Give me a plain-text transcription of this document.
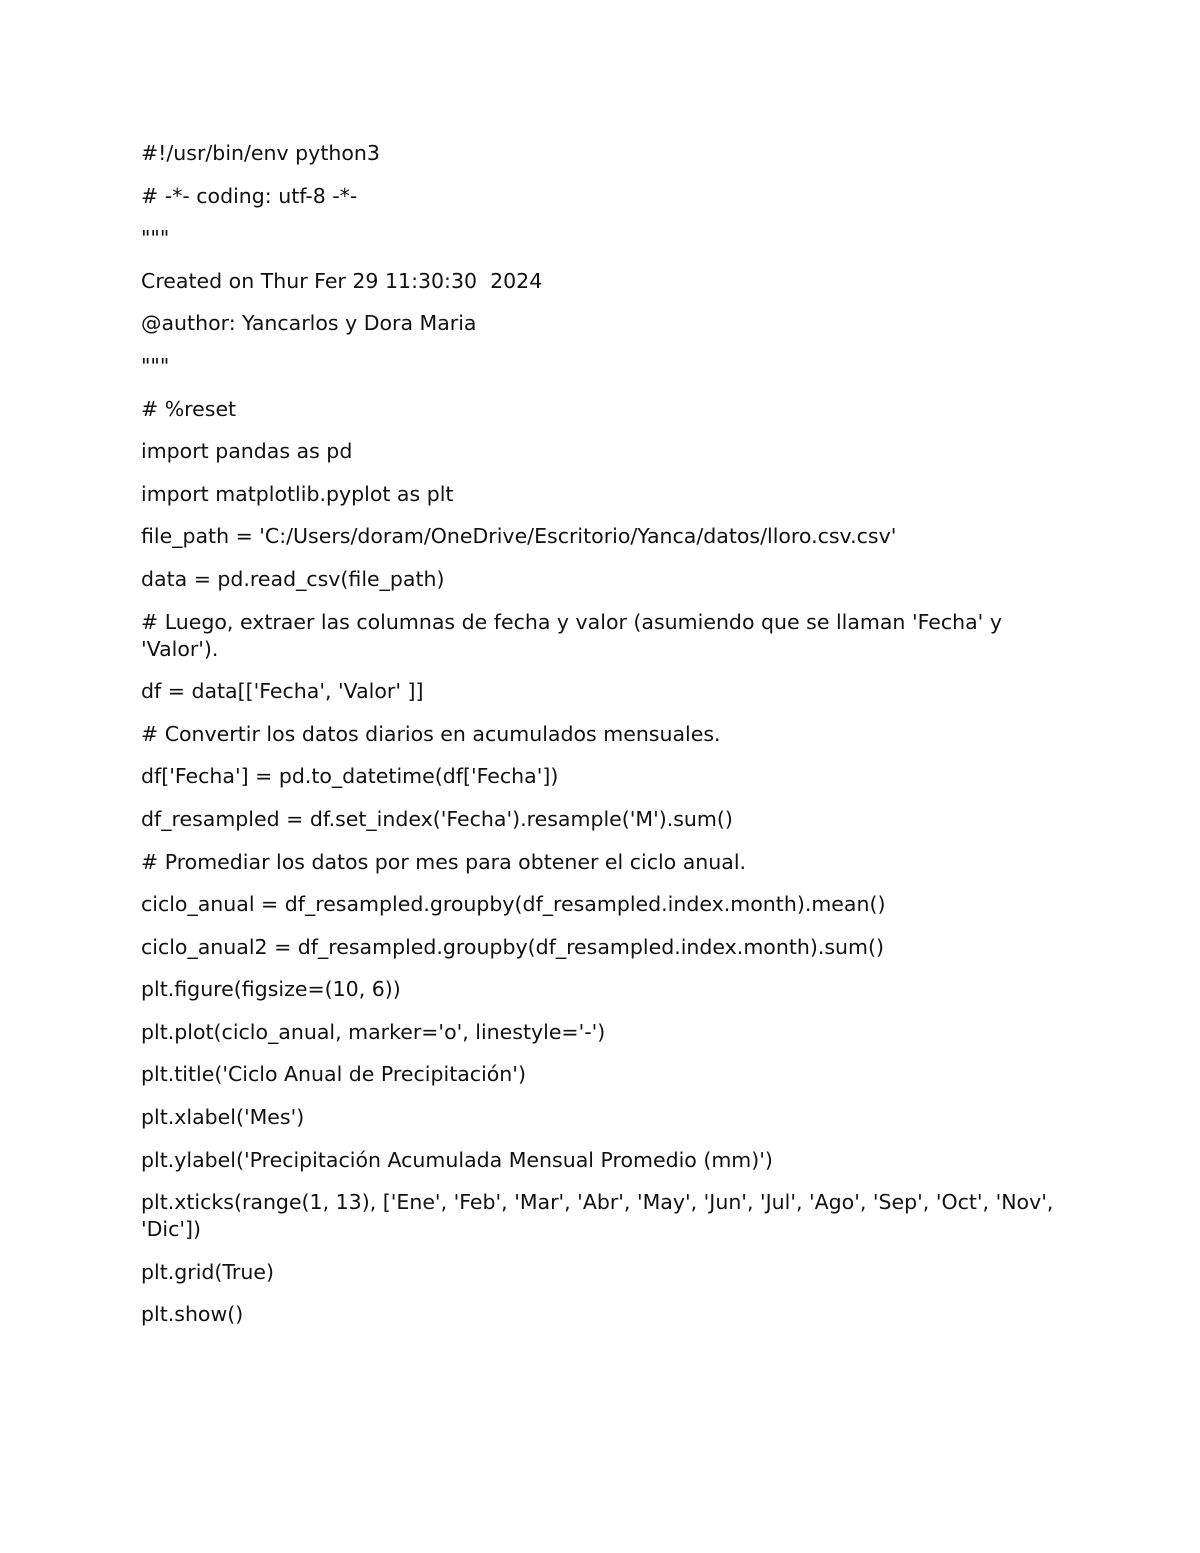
#!/usr/bin/env python3

# -*- coding: utf-8 -*-

"""

Created on Thur Fer 29 11:30:30  2024

@author: Yancarlos y Dora Maria

"""

# %reset

import pandas as pd

import matplotlib.pyplot as plt

file_path = 'C:/Users/doram/OneDrive/Escritorio/Yanca/datos/lloro.csv.csv'

data = pd.read_csv(file_path)

# Luego, extraer las columnas de fecha y valor (asumiendo que se llaman 'Fecha' y 'Valor').

df = data[['Fecha', 'Valor' ]]

# Convertir los datos diarios en acumulados mensuales.

df['Fecha'] = pd.to_datetime(df['Fecha'])

df_resampled = df.set_index('Fecha').resample('M').sum()

# Promediar los datos por mes para obtener el ciclo anual.

ciclo_anual = df_resampled.groupby(df_resampled.index.month).mean()

ciclo_anual2 = df_resampled.groupby(df_resampled.index.month).sum()

plt.figure(figsize=(10, 6))

plt.plot(ciclo_anual, marker='o', linestyle='-')

plt.title('Ciclo Anual de Precipitación')

plt.xlabel('Mes')

plt.ylabel('Precipitación Acumulada Mensual Promedio (mm)')

plt.xticks(range(1, 13), ['Ene', 'Feb', 'Mar', 'Abr', 'May', 'Jun', 'Jul', 'Ago', 'Sep', 'Oct', 'Nov', 'Dic'])

plt.grid(True)

plt.show()
